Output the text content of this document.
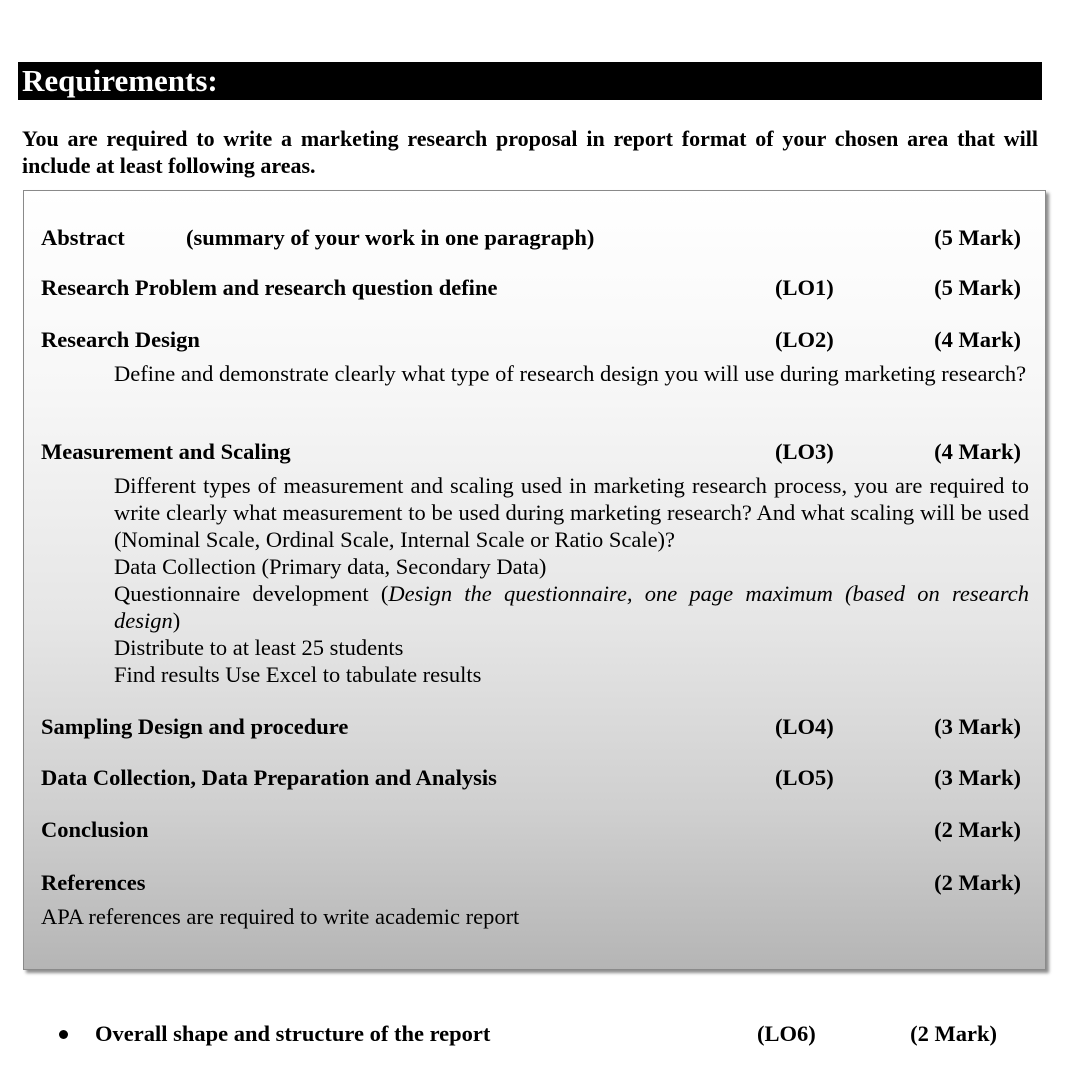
Requirements:
You are required to write a marketing research proposal in report format of your chosen area that will include at least following areas.
Abstract	(summary of your work in one paragraph)	(5 Mark)
Research Problem and research question define	(LO1)	(5 Mark)
Research Design	(LO2)	(4 Mark)

Define and demonstrate clearly what type of research design you will use during marketing research?

Measurement and Scaling	(LO3)	(4 Mark)

Different types of measurement and scaling used in marketing research process, you are required to write clearly what measurement to be used during marketing research? And what scaling will be used (Nominal Scale, Ordinal Scale, Internal Scale or Ratio Scale)?

Data Collection (Primary data, Secondary Data)

Questionnaire development (Design the questionnaire, one page maximum (based on research design)

Distribute to at least 25 students

Find results Use Excel to tabulate results

Sampling Design and procedure	(LO4)	(3 Mark)
Data Collection, Data Preparation and Analysis	(LO5)	(3 Mark)
Conclusion	(2 Mark)
References	(2 Mark)
APA references are required to write academic report
Overall shape and structure of the report	(LO6)	(2 Mark)
